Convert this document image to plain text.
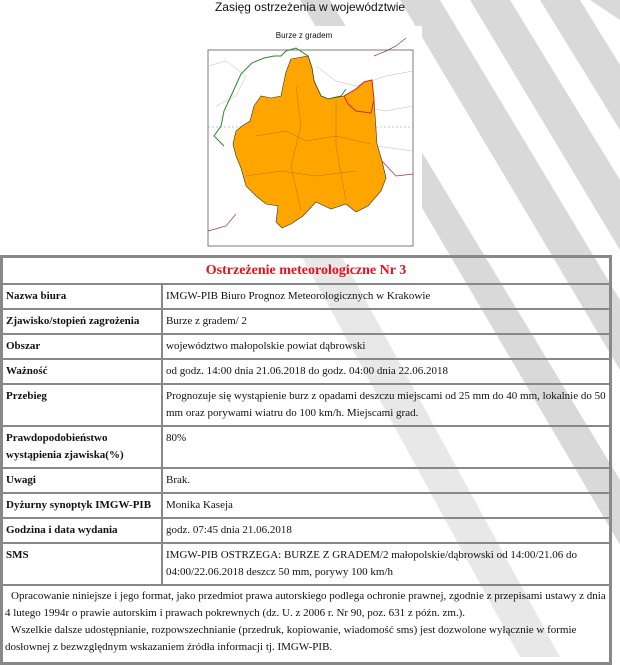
Zasięg ostrzeżenia w województwie
Burze z gradem
Ostrzeżenie meteorologiczne Nr 3	
Nazwa biura	IMGW-PIB Biuro Prognoz Meteorologicznych w Krakowie
Zjawisko/stopień zagrożenia	Burze z gradem/ 2
Obszar	województwo małopolskie powiat dąbrowski
Ważność	od godz. 14:00 dnia 21.06.2018 do godz. 04:00 dnia 22.06.2018
Przebieg	Prognozuje się wystąpienie burz z opadami deszczu miejscami od 25 mm do 40 mm, lokalnie do 50 mm oraz porywami wiatru do 100 km/h. Miejscami grad.
Prawdopodobieństwo wystąpienia zjawiska(%)	80%
Uwagi	Brak.
Dyżurny synoptyk IMGW-PIB	Monika Kaseja
Godzina i data wydania	godz. 07:45 dnia 21.06.2018
SMS	IMGW-PIB OSTRZEGA: BURZE Z GRADEM/2 małopolskie/dąbrowski od 14:00/21.06 do 04:00/22.06.2018 deszcz 50 mm, porywy 100 km/h

Opracowanie niniejsze i jego format, jako przedmiot prawa autorskiego podlega ochronie prawnej, zgodnie z przepisami ustawy z dnia 4 lutego 1994r o prawie autorskim i prawach pokrewnych (dz. U. z 2006 r. Nr 90, poz. 631 z późn. zm.).
Wszelkie dalsze udostępnianie, rozpowszechnianie (przedruk, kopiowanie, wiadomość sms) jest dozwolone wyłącznie w formie dosłownej z bezwzględnym wskazaniem źródła informacji tj. IMGW-PIB.	
